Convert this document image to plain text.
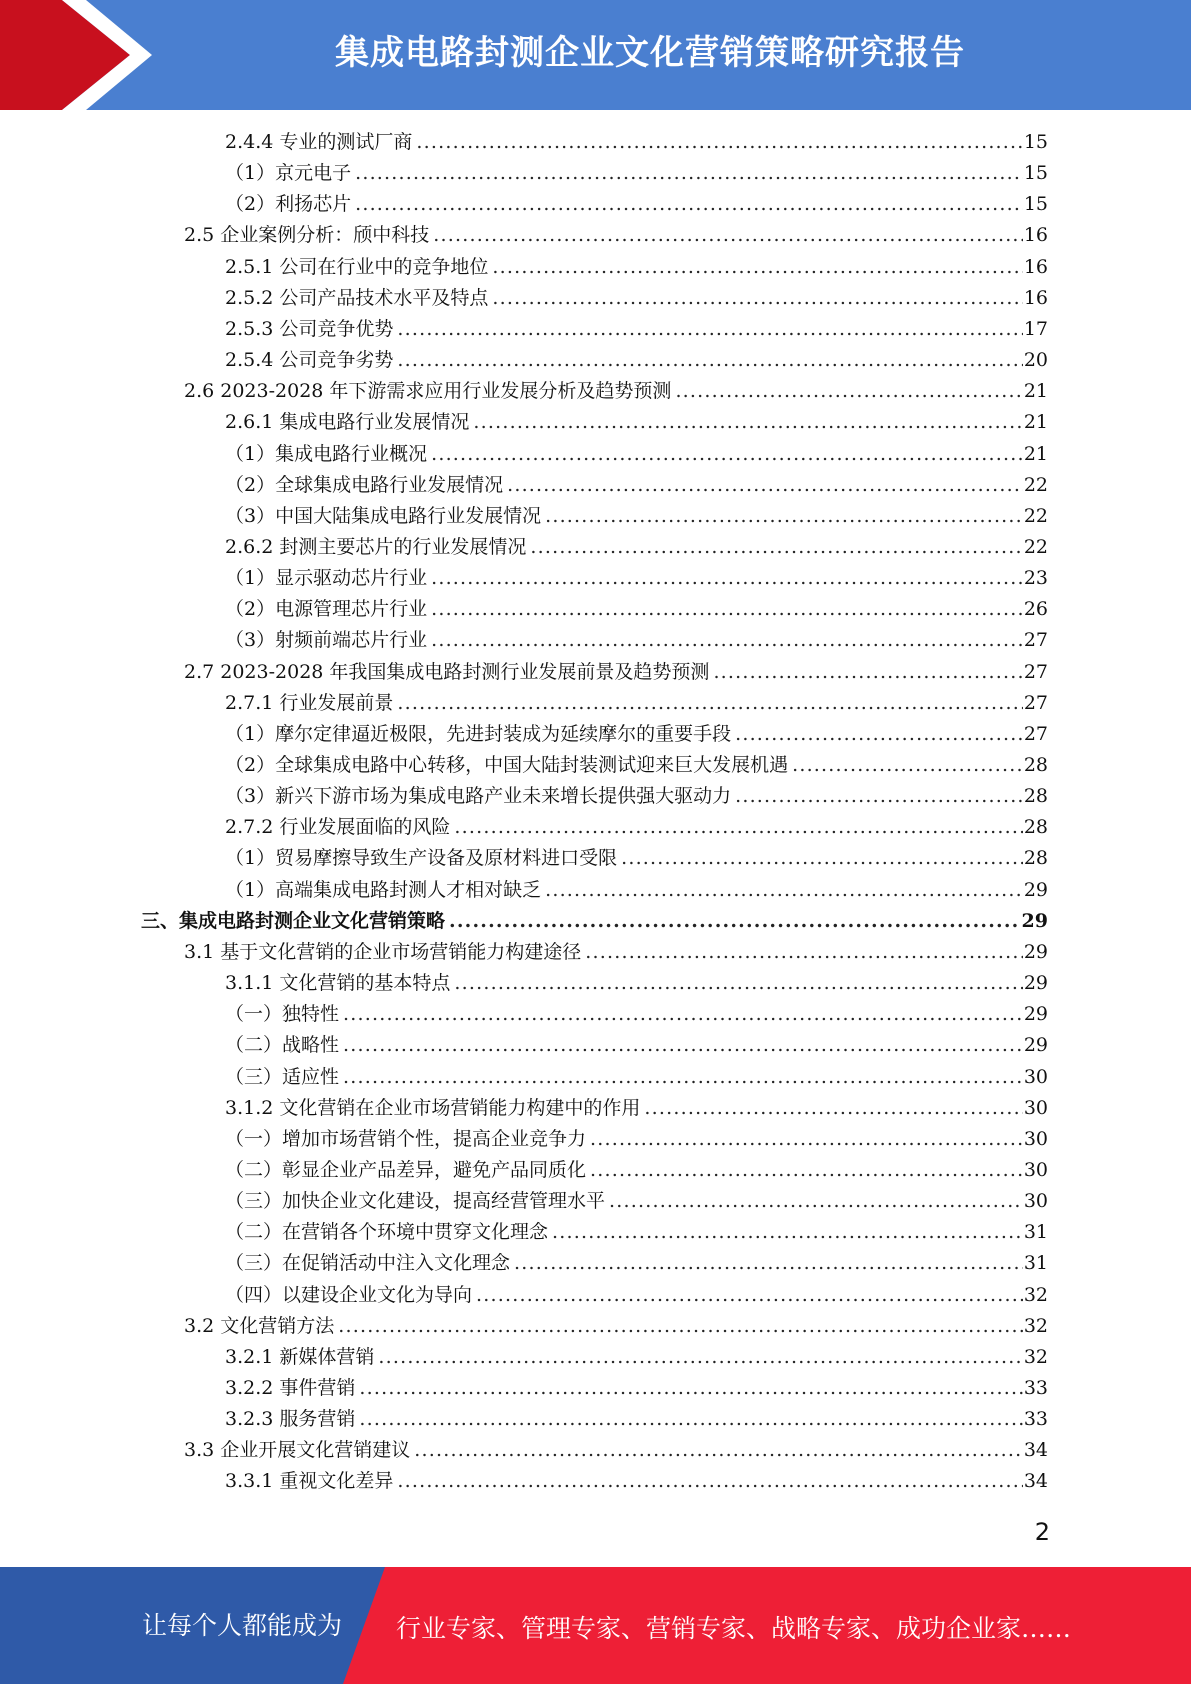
集成电路封测企业文化营销策略研究报告
2.4.4 专业的测试厂商 .....	15
（1）京元电子 .....	15
（2）利扬芯片 .....	15
2.5 企业案例分析：颀中科技 .....	16
2.5.1 公司在行业中的竞争地位 .....	16
2.5.2 公司产品技术水平及特点 .....	16
2.5.3 公司竞争优势 .....	17
2.5.4 公司竞争劣势 .....	20
2.6 2023-2028 年下游需求应用行业发展分析及趋势预测 .....	21
2.6.1 集成电路行业发展情况 .....	21
（1）集成电路行业概况 .....	21
（2）全球集成电路行业发展情况 .....	22
（3）中国大陆集成电路行业发展情况 .....	22
2.6.2 封测主要芯片的行业发展情况 .....	22
（1）显示驱动芯片行业 .....	23
（2）电源管理芯片行业 .....	26
（3）射频前端芯片行业 .....	27
2.7 2023-2028 年我国集成电路封测行业发展前景及趋势预测 .....	27
2.7.1 行业发展前景 .....	27
（1）摩尔定律逼近极限，先进封装成为延续摩尔的重要手段 .....	27
（2）全球集成电路中心转移，中国大陆封装测试迎来巨大发展机遇 .....	28
（3）新兴下游市场为集成电路产业未来增长提供强大驱动力 .....	28
2.7.2 行业发展面临的风险 .....	28
（1）贸易摩擦导致生产设备及原材料进口受限 .....	28
（1）高端集成电路封测人才相对缺乏 .....	29
三、集成电路封测企业文化营销策略 .....	29
3.1 基于文化营销的企业市场营销能力构建途径 .....	29
3.1.1 文化营销的基本特点 .....	29
（一）独特性 .....	29
（二）战略性 .....	29
（三）适应性 .....	30
3.1.2 文化营销在企业市场营销能力构建中的作用 .....	30
（一）增加市场营销个性，提高企业竞争力 .....	30
（二）彰显企业产品差异，避免产品同质化 .....	30
（三）加快企业文化建设，提高经营管理水平 .....	30
（二）在营销各个环境中贯穿文化理念 .....	31
（三）在促销活动中注入文化理念 .....	31
（四）以建设企业文化为导向 .....	32
3.2 文化营销方法 .....	32
3.2.1 新媒体营销 .....	32
3.2.2 事件营销 .....	33
3.2.3 服务营销 .....	33
3.3 企业开展文化营销建议 .....	34
3.3.1 重视文化差异 .....	34
2
让每个人都能成为 行业专家、管理专家、营销专家、战略专家、成功企业家……
